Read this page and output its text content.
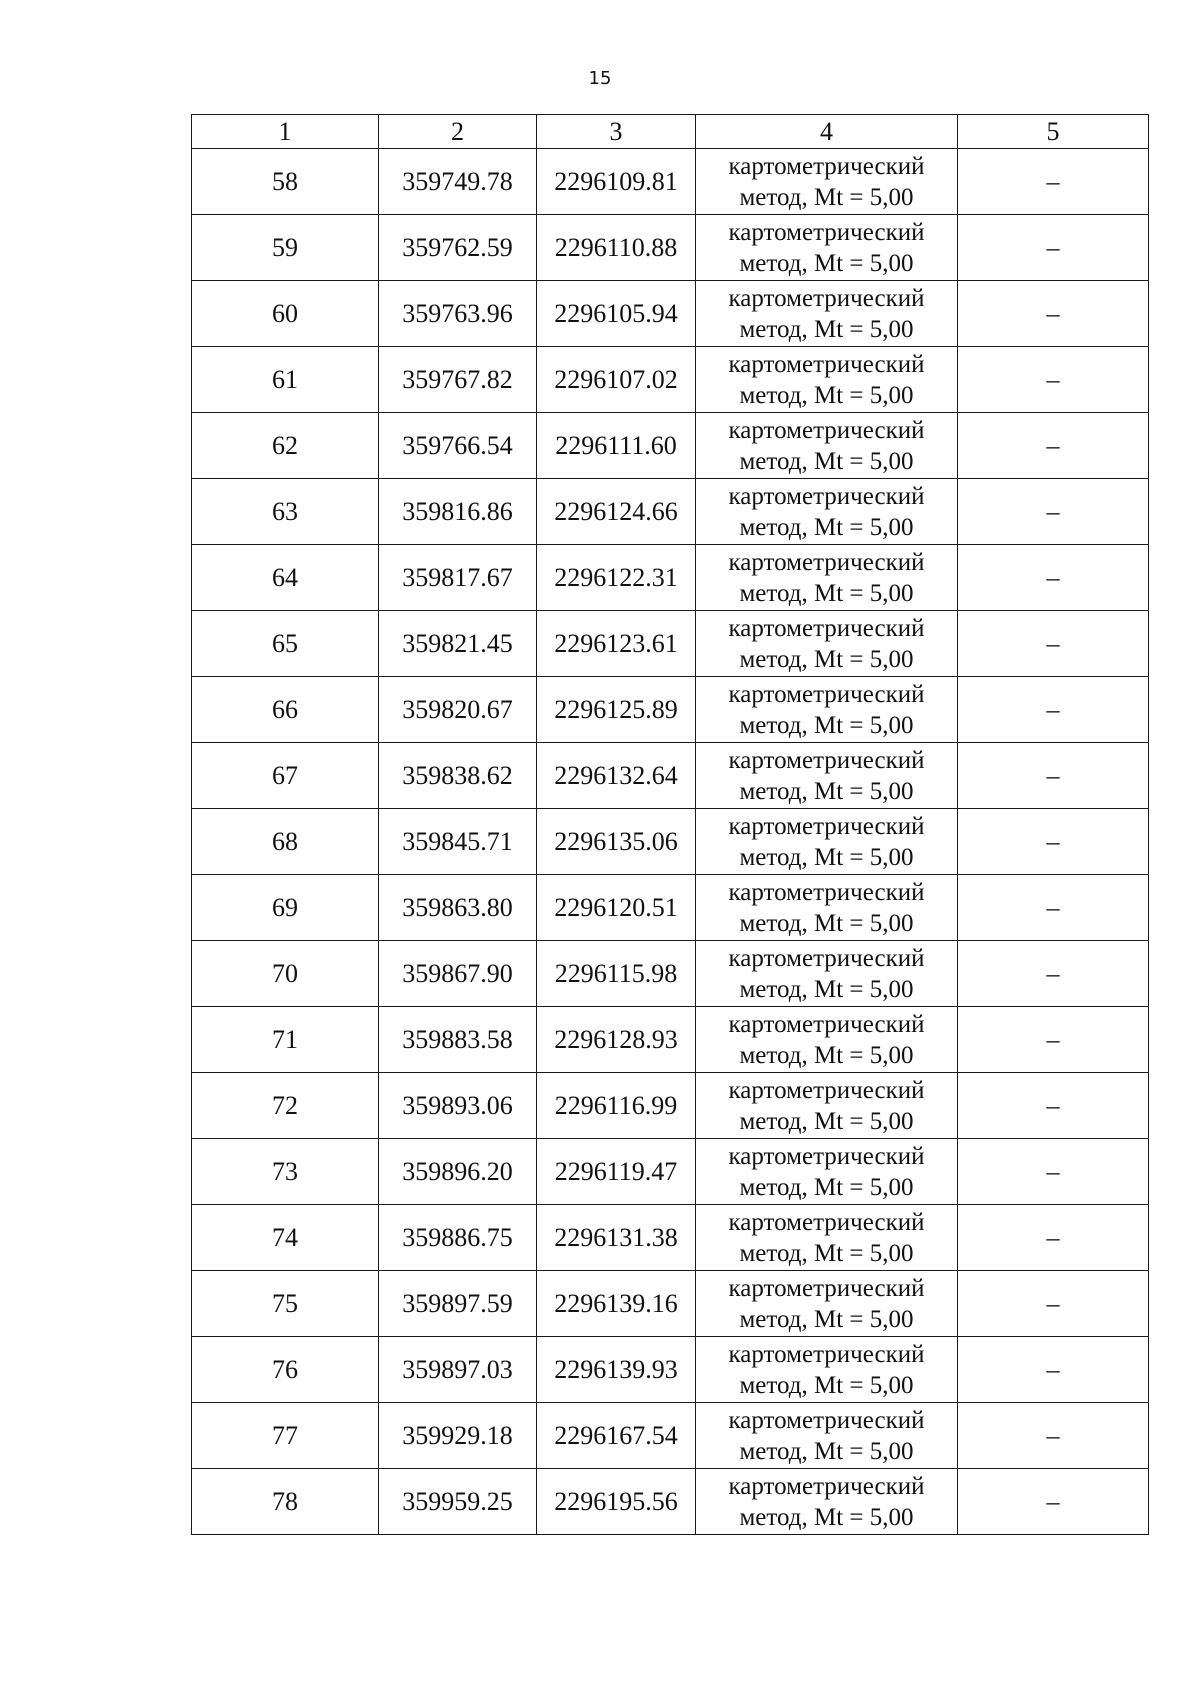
15
1	2	3	4	5
58	359749.78	2296109.81	картометрический
метод, Mt = 5,00	–
59	359762.59	2296110.88	картометрический
метод, Mt = 5,00	–
60	359763.96	2296105.94	картометрический
метод, Mt = 5,00	–
61	359767.82	2296107.02	картометрический
метод, Mt = 5,00	–
62	359766.54	2296111.60	картометрический
метод, Mt = 5,00	–
63	359816.86	2296124.66	картометрический
метод, Mt = 5,00	–
64	359817.67	2296122.31	картометрический
метод, Mt = 5,00	–
65	359821.45	2296123.61	картометрический
метод, Mt = 5,00	–
66	359820.67	2296125.89	картометрический
метод, Mt = 5,00	–
67	359838.62	2296132.64	картометрический
метод, Mt = 5,00	–
68	359845.71	2296135.06	картометрический
метод, Mt = 5,00	–
69	359863.80	2296120.51	картометрический
метод, Mt = 5,00	–
70	359867.90	2296115.98	картометрический
метод, Mt = 5,00	–
71	359883.58	2296128.93	картометрический
метод, Mt = 5,00	–
72	359893.06	2296116.99	картометрический
метод, Mt = 5,00	–
73	359896.20	2296119.47	картометрический
метод, Mt = 5,00	–
74	359886.75	2296131.38	картометрический
метод, Mt = 5,00	–
75	359897.59	2296139.16	картометрический
метод, Mt = 5,00	–
76	359897.03	2296139.93	картометрический
метод, Mt = 5,00	–
77	359929.18	2296167.54	картометрический
метод, Mt = 5,00	–
78	359959.25	2296195.56	картометрический
метод, Mt = 5,00	–
